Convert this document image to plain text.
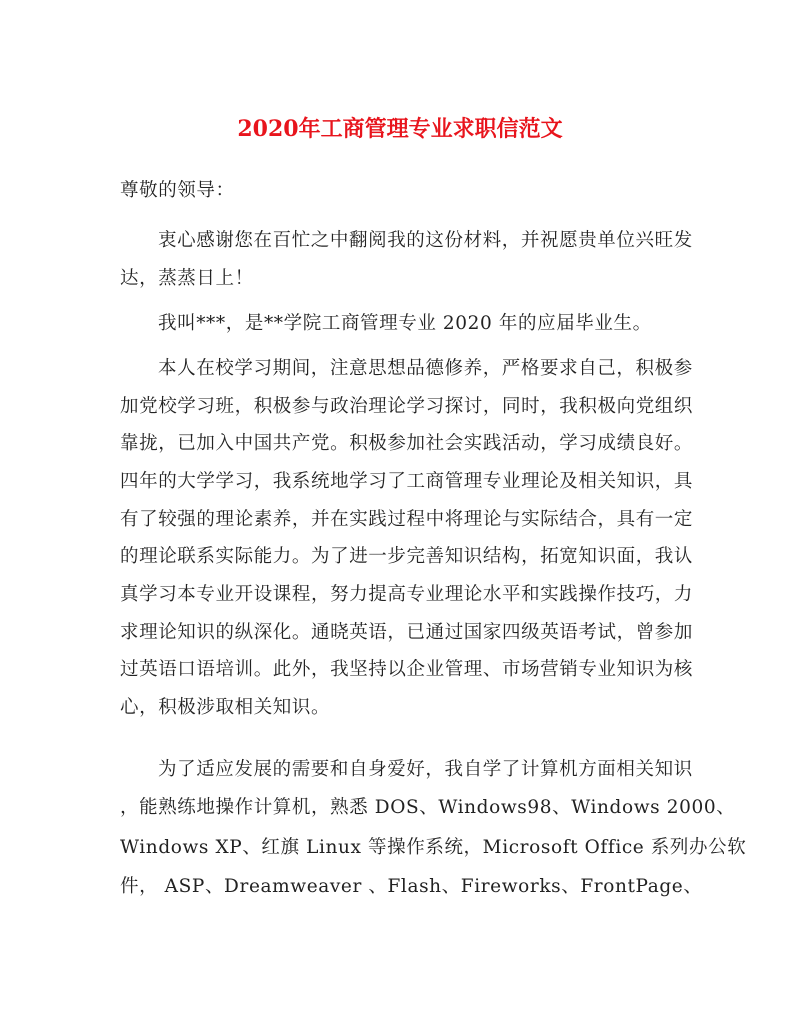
2020年工商管理专业求职信范文
尊敬的领导：
衷心感谢您在百忙之中翻阅我的这份材料，并祝愿贵单位兴旺发
达，蒸蒸日上！
我叫***，是**学院工商管理专业 2020 年的应届毕业生。
本人在校学习期间，注意思想品德修养，严格要求自己，积极参
加党校学习班，积极参与政治理论学习探讨，同时，我积极向党组织
靠拢，已加入中国共产党。积极参加社会实践活动，学习成绩良好。
四年的大学学习，我系统地学习了工商管理专业理论及相关知识，具
有了较强的理论素养，并在实践过程中将理论与实际结合，具有一定
的理论联系实际能力。为了进一步完善知识结构，拓宽知识面，我认
真学习本专业开设课程，努力提高专业理论水平和实践操作技巧，力
求理论知识的纵深化。通晓英语，已通过国家四级英语考试，曾参加
过英语口语培训。此外，我坚持以企业管理、市场营销专业知识为核
心，积极涉取相关知识。
为了适应发展的需要和自身爱好，我自学了计算机方面相关知识
，能熟练地操作计算机，熟悉 DOS、Windows98、Windows 2000、
Windows XP、红旗 Linux 等操作系统，Microsoft Office 系列办公软
件， ASP、Dreamweaver 、Flash、Fireworks、FrontPage、
